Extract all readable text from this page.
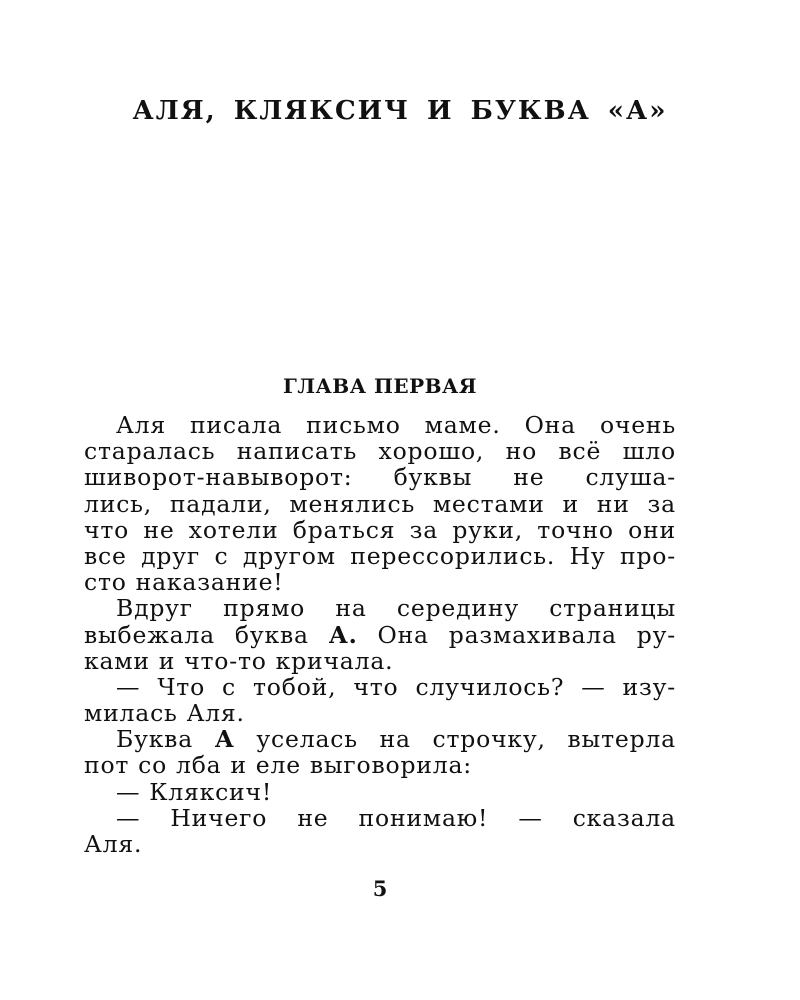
АЛЯ, КЛЯКСИЧ И БУКВА «А»
ГЛАВА ПЕРВАЯ
Аля писала письмо маме. Она очень
старалась написать хорошо, но всё шло
шиворот-навыворот: буквы не слуша-
лись, падали, менялись местами и ни за
что не хотели браться за руки, точно они
все друг с другом перессорились. Ну про-
сто наказание!
Вдруг прямо на середину страницы
выбежала буква А. Она размахивала ру-
ками и что-то кричала.
— Что с тобой, что случилось? — изу-
милась Аля.
Буква А уселась на строчку, вытерла
пот со лба и еле выговорила:
— Кляксич!
— Ничего не понимаю! — сказала
Аля.
5
